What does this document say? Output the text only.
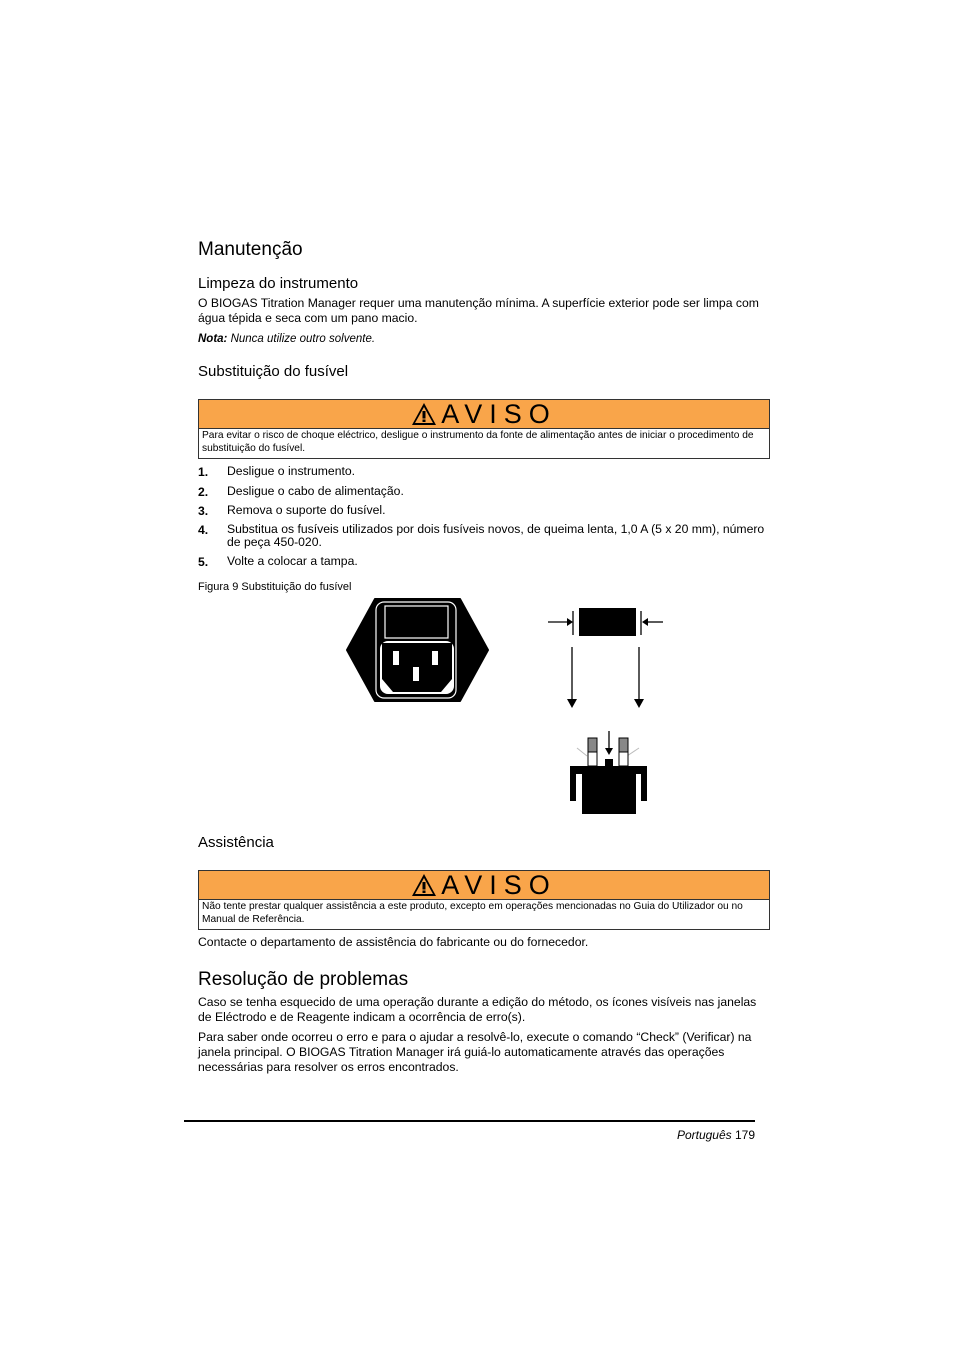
Manutenção
Limpeza do instrumento

O BIOGAS Titration Manager requer uma manutenção mínima. A superfície exterior pode ser limpa com água tépida e seca com um pano macio.

Nota: Nunca utilize outro solvente.
Substituição do fusível
AVISO
Para evitar o risco de choque eléctrico, desligue o instrumento da fonte de alimentação antes de iniciar o procedimento de substituição do fusível.
1. Desligue o instrumento.
2. Desligue o cabo de alimentação.
3. Remova o suporte do fusível.
4. Substitua os fusíveis utilizados por dois fusíveis novos, de queima lenta, 1,0 A (5 x 20 mm), número de peça 450-020.
5. Volte a colocar a tampa.
Figura 9 Substituição do fusível
Assistência
AVISO
Não tente prestar qualquer assistência a este produto, excepto em operações mencionadas no Guia do Utilizador ou no Manual de Referência.

Contacte o departamento de assistência do fabricante ou do fornecedor.

Resolução de problemas

Caso se tenha esquecido de uma operação durante a edição do método, os ícones visíveis nas janelas de Eléctrodo e de Reagente indicam a ocorrência de erro(s).

Para saber onde ocorreu o erro e para o ajudar a resolvê-lo, execute o comando “Check” (Verificar) na janela principal. O BIOGAS Titration Manager irá guiá-lo automaticamente através das operações necessárias para resolver os erros encontrados.

Português 179
